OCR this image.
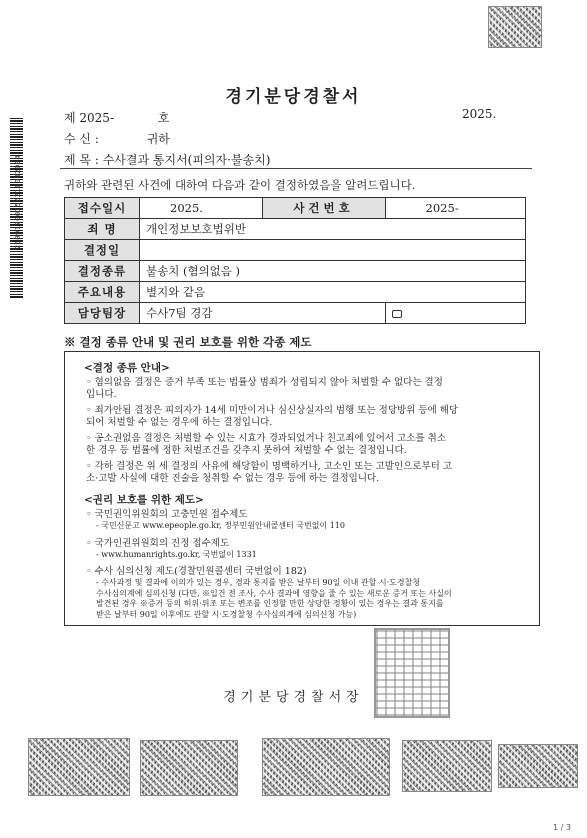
25091700156210002004
경기분당경찰서
제 2025-	호	2025.
수 신 :	귀하
제 목 : 수사결과 통지서(피의자·불송치)
귀하와 관련된 사건에 대하여 다음과 같이 결정하였음을 알려드립니다.
접수일시	2025.	사건번호	2025-
죄 명	개인정보보호법위반		
결정일			
결정종류	불송치 (혐의없음 )		
주요내용	별지와 같음		
담당팀장	수사7팀 경감		
※ 결정 종류 안내 및 권리 보호를 위한 각종 제도
<결정 종류 안내>
◦ 혐의없음 결정은 증거 부족 또는 법률상 범죄가 성립되지 않아 처벌할 수 없다는 결정
입니다.
◦ 죄가안됨 결정은 피의자가 14세 미만이거나 심신상실자의 범행 또는 정당방위 등에 해당
되어 처벌할 수 없는 경우에 하는 결정입니다.
◦ 공소권없음 결정은 처벌할 수 있는 시효가 경과되었거나 친고죄에 있어서 고소를 취소
한 경우 등 법률에 정한 처벌조건을 갖추지 못하여 처벌할 수 없는 결정입니다.
◦ 각하 결정은 위 세 결정의 사유에 해당함이 명백하거나, 고소인 또는 고발인으로부터 고
소·고발 사실에 대한 진술을 청취할 수 없는 경우 등에 하는 결정입니다.
<권리 보호를 위한 제도>
◦ 국민권익위원회의 고충민원 접수제도
- 국민신문고 www.epeople.go.kr, 정부민원안내콜센터 국번없이 110
◦ 국가인권위원회의 진정 접수제도
- www.humanrights.go.kr, 국번없이 1331
◦ 수사 심의신청 제도(경찰민원콜센터 국번없이 182)
- 수사과정 및 결과에 이의가 있는 경우, 경과 통지를 받은 날부터 90일 이내 관할 시·도경찰청
수사심의계에 심의신청 (다만, ※입건 전 조사, 수사 결과에 영향을 줄 수 있는 새로운 증거 또는 사실이
발견된 경우 ※증거 등의 허위·위조 또는 변조를 인정할 만한 상당한 정황이 있는 경우는 결과 통지를
받은 날부터 90일 이후에도 관할 시·도경찰청 수사심의계에 심의신청 가능)
경기분당경찰서장
1 / 3
